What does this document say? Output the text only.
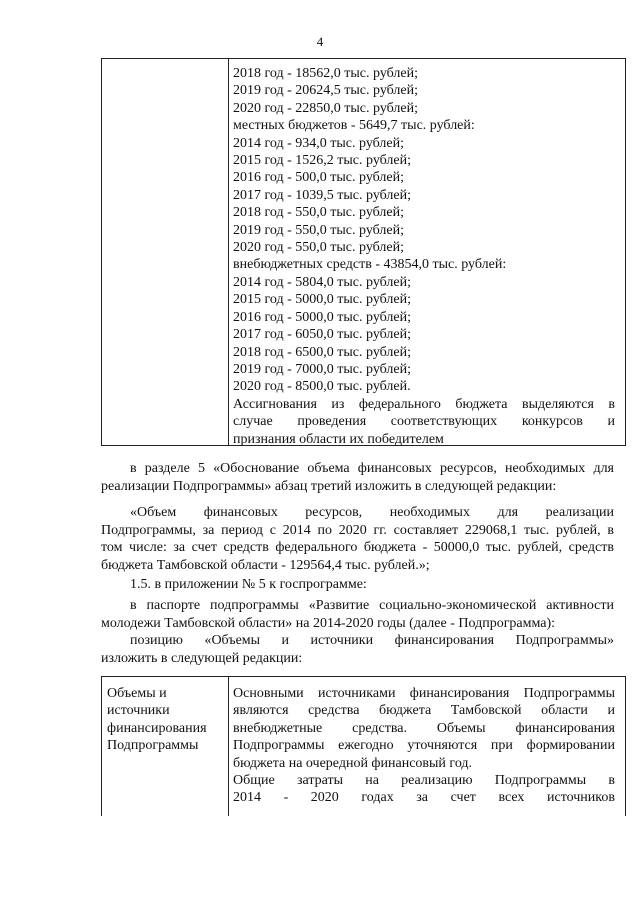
4
2018 год - 18562,0 тыс. рублей;
2019 год - 20624,5 тыс. рублей;
2020 год - 22850,0 тыс. рублей;
местных бюджетов - 5649,7 тыс. рублей:
2014 год - 934,0 тыс. рублей;
2015 год - 1526,2 тыс. рублей;
2016 год - 500,0 тыс. рублей;
2017 год - 1039,5 тыс. рублей;
2018 год - 550,0 тыс. рублей;
2019 год - 550,0 тыс. рублей;
2020 год - 550,0 тыс. рублей;
внебюджетных средств - 43854,0 тыс. рублей:
2014 год - 5804,0 тыс. рублей;
2015 год - 5000,0 тыс. рублей;
2016 год - 5000,0 тыс. рублей;
2017 год - 6050,0 тыс. рублей;
2018 год - 6500,0 тыс. рублей;
2019 год - 7000,0 тыс. рублей;
2020 год - 8500,0 тыс. рублей.
Ассигнования из федерального бюджета выделяются в
случае проведения соответствующих конкурсов и
признания области их победителем
в разделе 5 «Обоснование объема финансовых ресурсов, необходимых для
реализации Подпрограммы» абзац третий изложить в следующей редакции:
«Объем финансовых ресурсов, необходимых для реализации
Подпрограммы, за период с 2014 по 2020 гг. составляет 229068,1 тыс. рублей, в
том числе: за счет средств федерального бюджета - 50000,0 тыс. рублей, средств
бюджета Тамбовской области - 129564,4 тыс. рублей.»;
1.5. в приложении № 5 к госпрограмме:
в паспорте подпрограммы «Развитие социально-экономической активности
молодежи Тамбовской области» на 2014-2020 годы (далее - Подпрограмма):
позицию «Объемы и источники финансирования Подпрограммы»
изложить в следующей редакции:
Объемы и
источники
финансирования
Подпрограммы
Основными источниками финансирования Подпрограммы
являются средства бюджета Тамбовской области и
внебюджетные средства. Объемы финансирования
Подпрограммы ежегодно уточняются при формировании
бюджета на очередной финансовый год.
Общие затраты на реализацию Подпрограммы в
2014 - 2020 годах за счет всех источников
